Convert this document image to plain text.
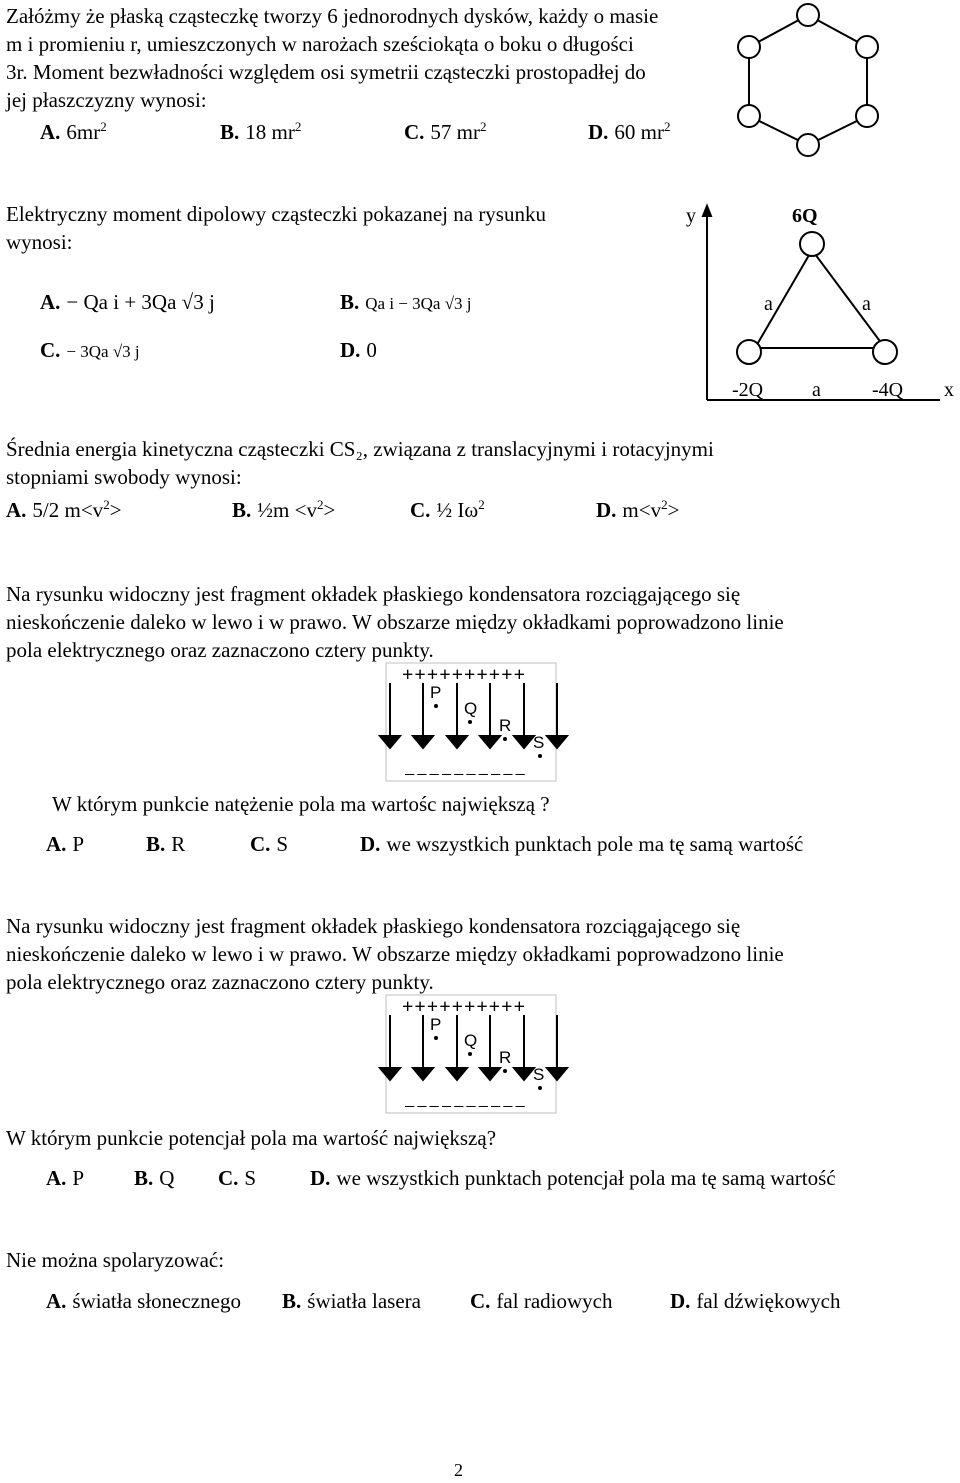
Załóżmy że płaską cząsteczkę tworzy 6 jednorodnych dysków, każdy o masie
m i promieniu r, umieszczonych w narożach sześciokąta o boku o długości
3r. Moment bezwładności względem osi symetrii cząsteczki prostopadłej do
jej płaszczyzny wynosi:
A. $6mr^2$	B. 18 $mr^2$	C. 57 $mr^2$	D. 60 $mr^2$
Elektryczny moment dipolowy cząsteczki pokazanej na rysunku
wynosi:
A. − Qa i + 3Qa √3 j	B. Qa i − 3Qa √3 j
C. − 3Qa √3 j	D. 0
y
x
6Q
-2Q	-4Q
a	a
a
Średnia energia kinetyczna cząsteczki CS₂, związana z translacyjnymi i rotacyjnymi
stopniami swobody wynosi:
A. 5/2 $m<v^2>$	B. ½m $<v^2>$	C. ½ $I\omega^2$	D. $m<v^2>$
Na rysunku widoczny jest fragment okładek płaskiego kondensatora rozciągającego się
nieskończenie daleko w lewo i w prawo. W obszarze między okładkami poprowadzono linie
pola elektrycznego oraz zaznaczono cztery punkty.
++++++++++
−−−−−−−−−−
P
Q
R
S
W którym punkcie natężenie pola ma wartośc największą ?
A. P	B. R	C. S	D. we wszystkich punktach pole ma tę samą wartość
Na rysunku widoczny jest fragment okładek płaskiego kondensatora rozciągającego się
nieskończenie daleko w lewo i w prawo. W obszarze między okładkami poprowadzono linie
pola elektrycznego oraz zaznaczono cztery punkty.
++++++++++
−−−−−−−−−−
P
Q
R
S
W którym punkcie potencjał pola ma wartość największą?
A. P B. Q C. S	D. we wszystkich punktach potencjał pola ma tę samą wartość
Nie można spolaryzować:
A. światła słonecznego B. światła lasera C. fal radiowych	D. fal dźwiękowych
2
